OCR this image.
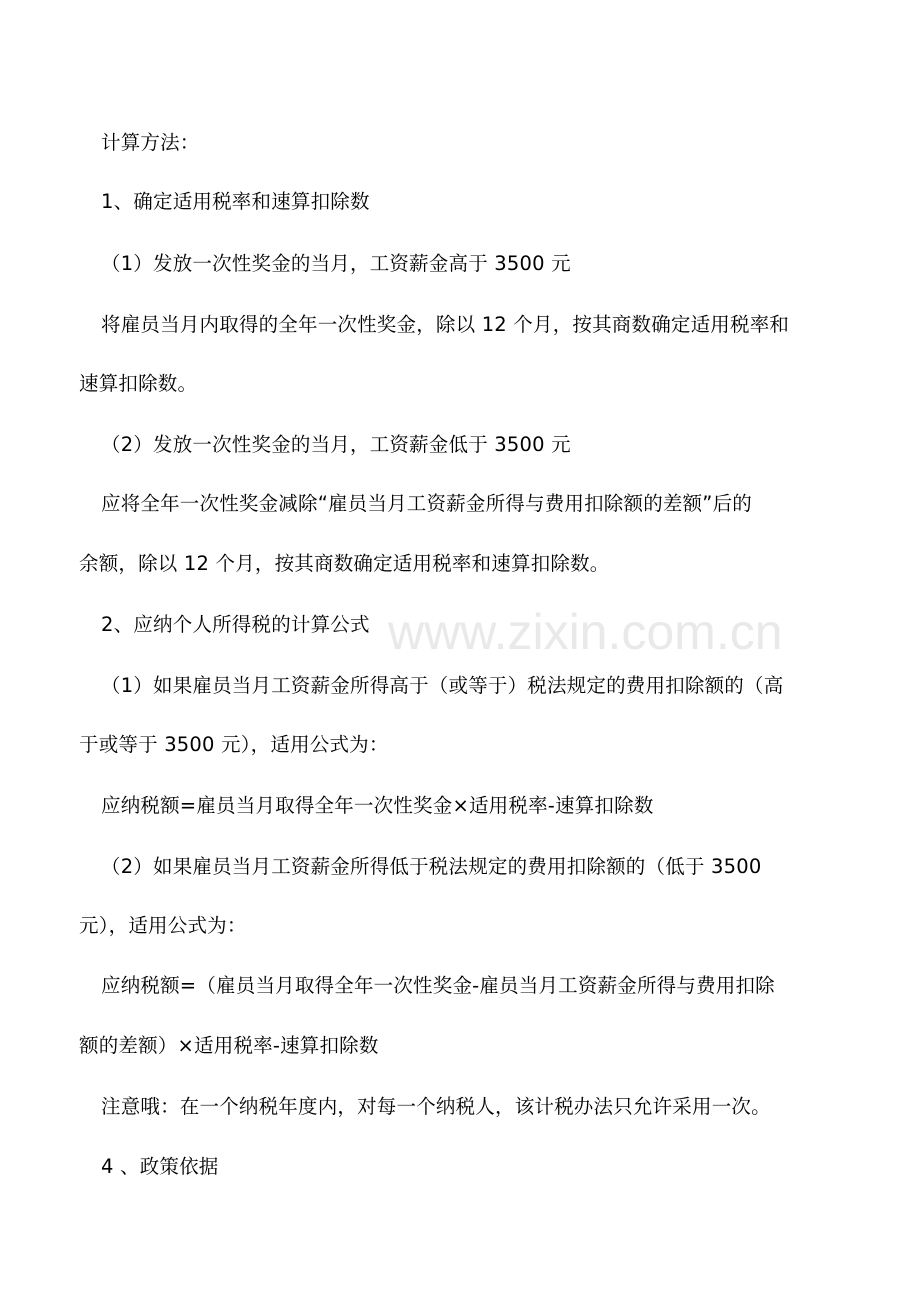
www.zixin.com.cn
计算方法：
1、确定适用税率和速算扣除数
（1）发放一次性奖金的当月，工资薪金高于 3500 元
将雇员当月内取得的全年一次性奖金，除以 12 个月，按其商数确定适用税率和
速算扣除数。
（2）发放一次性奖金的当月，工资薪金低于 3500 元
应将全年一次性奖金减除“雇员当月工资薪金所得与费用扣除额的差额”后的
余额，除以 12 个月，按其商数确定适用税率和速算扣除数。
2、应纳个人所得税的计算公式
（1）如果雇员当月工资薪金所得高于（或等于）税法规定的费用扣除额的（高
于或等于 3500 元），适用公式为：
应纳税额=雇员当月取得全年一次性奖金×适用税率-速算扣除数
（2）如果雇员当月工资薪金所得低于税法规定的费用扣除额的（低于 3500
元），适用公式为：
应纳税额=（雇员当月取得全年一次性奖金-雇员当月工资薪金所得与费用扣除
额的差额）×适用税率-速算扣除数
注意哦：在一个纳税年度内，对每一个纳税人，该计税办法只允许采用一次。
4 、政策依据
